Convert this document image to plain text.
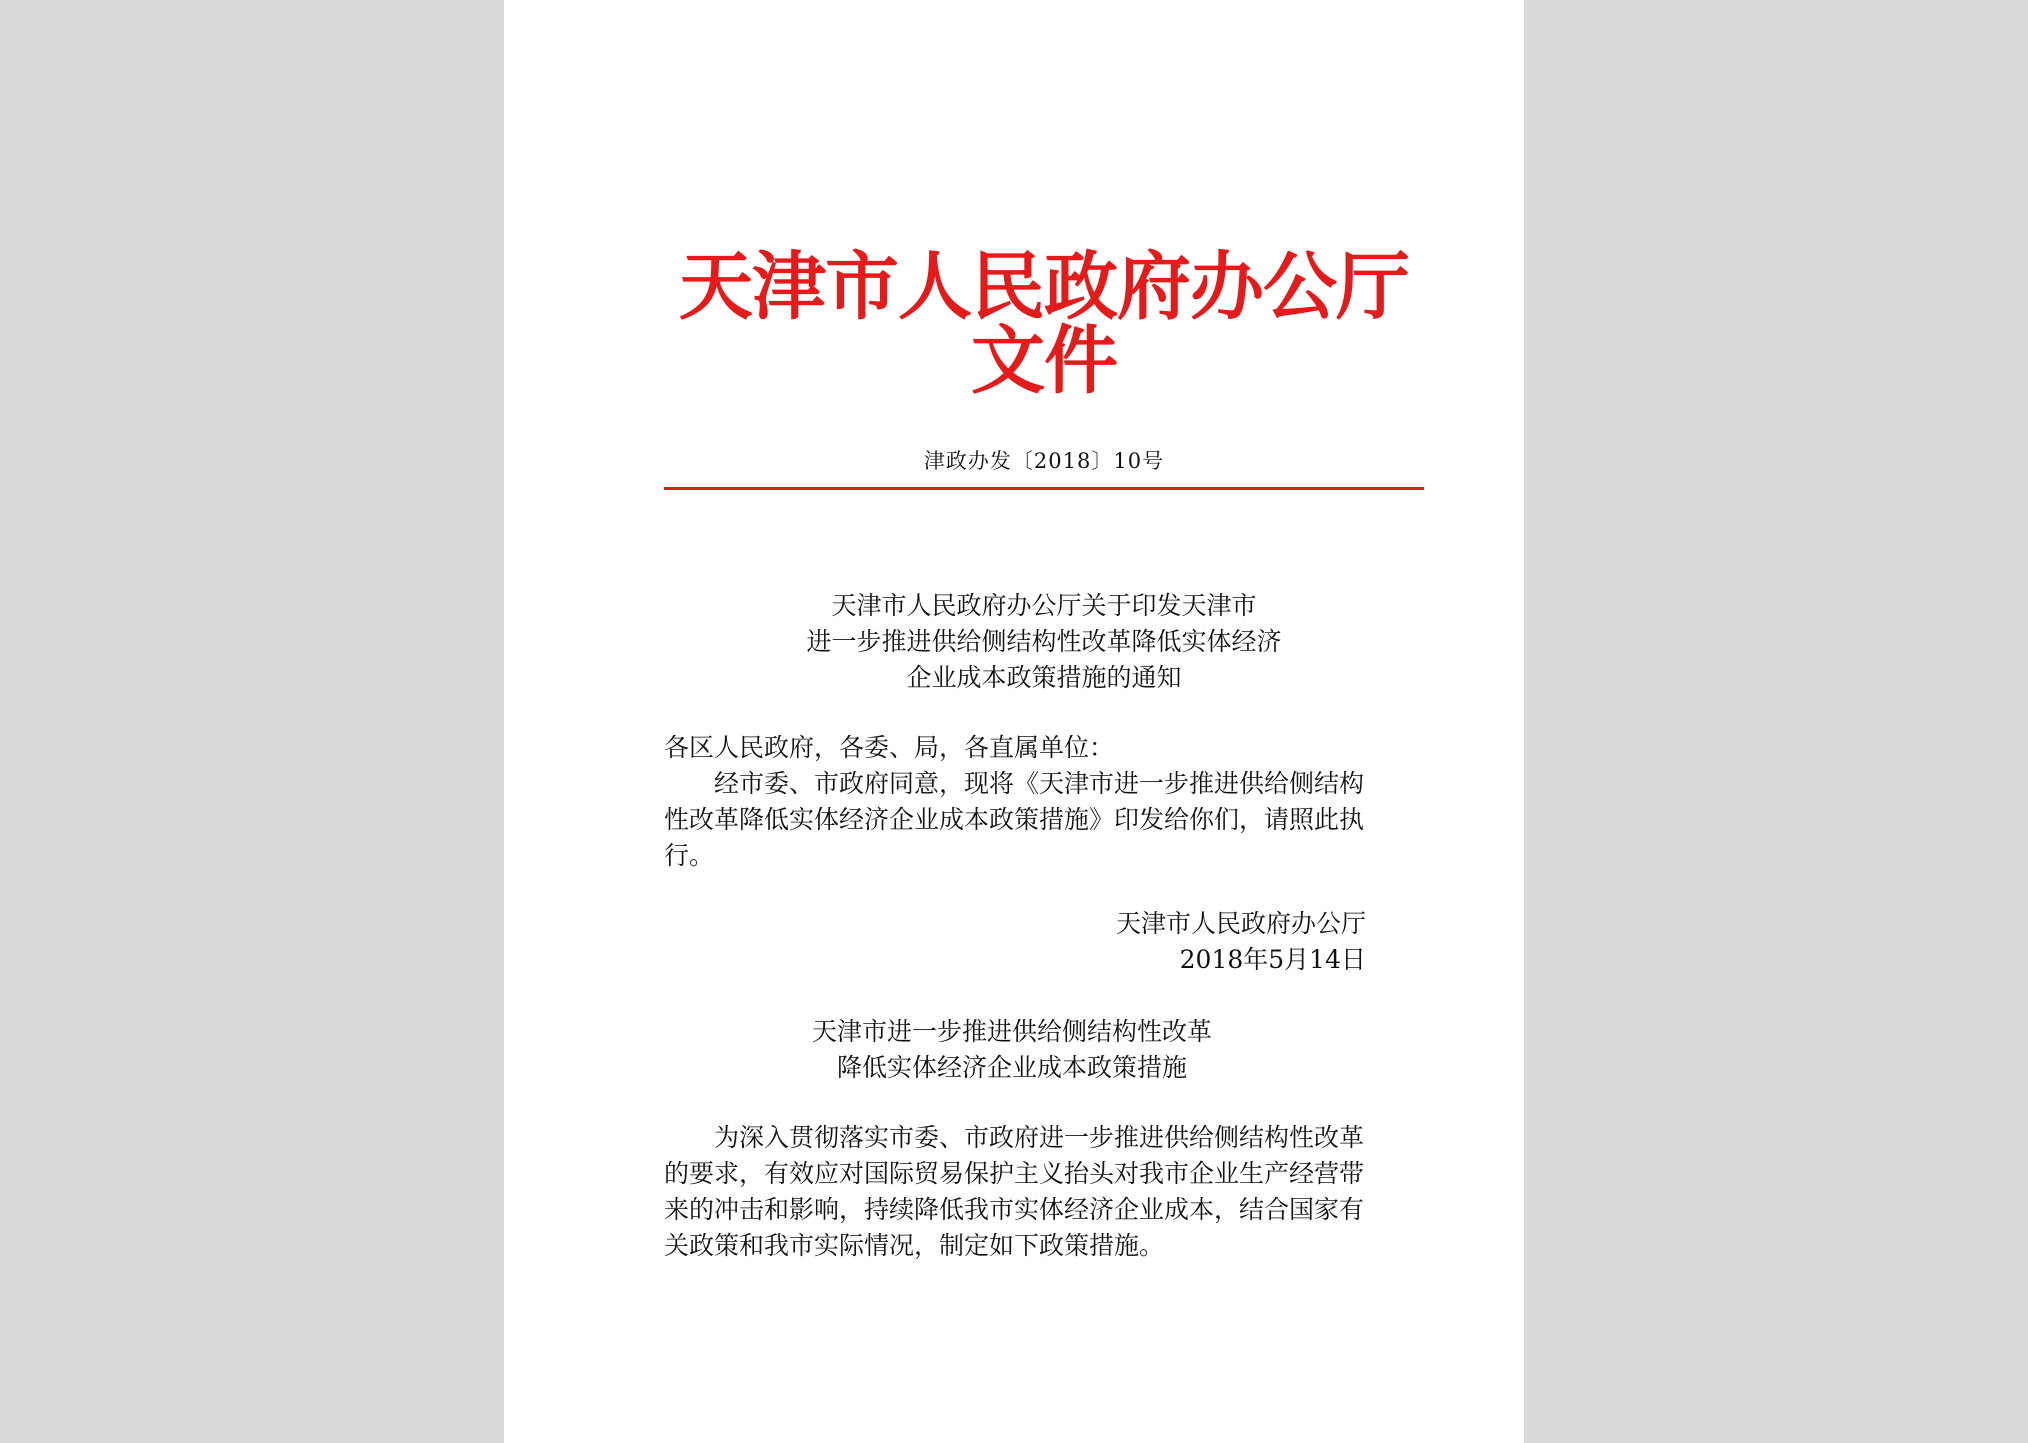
天津市人民政府办公厅文件
津政办发〔2018〕10号
天津市人民政府办公厅关于印发天津市
进一步推进供给侧结构性改革降低实体经济
企业成本政策措施的通知
各区人民政府，各委、局，各直属单位：
经市委、市政府同意，现将《天津市进一步推进供给侧结构性改革降低实体经济企业成本政策措施》印发给你们，请照此执行。
天津市人民政府办公厅
2018年5月14日
天津市进一步推进供给侧结构性改革
降低实体经济企业成本政策措施
为深入贯彻落实市委、市政府进一步推进供给侧结构性改革的要求，有效应对国际贸易保护主义抬头对我市企业生产经营带来的冲击和影响，持续降低我市实体经济企业成本，结合国家有关政策和我市实际情况，制定如下政策措施。
